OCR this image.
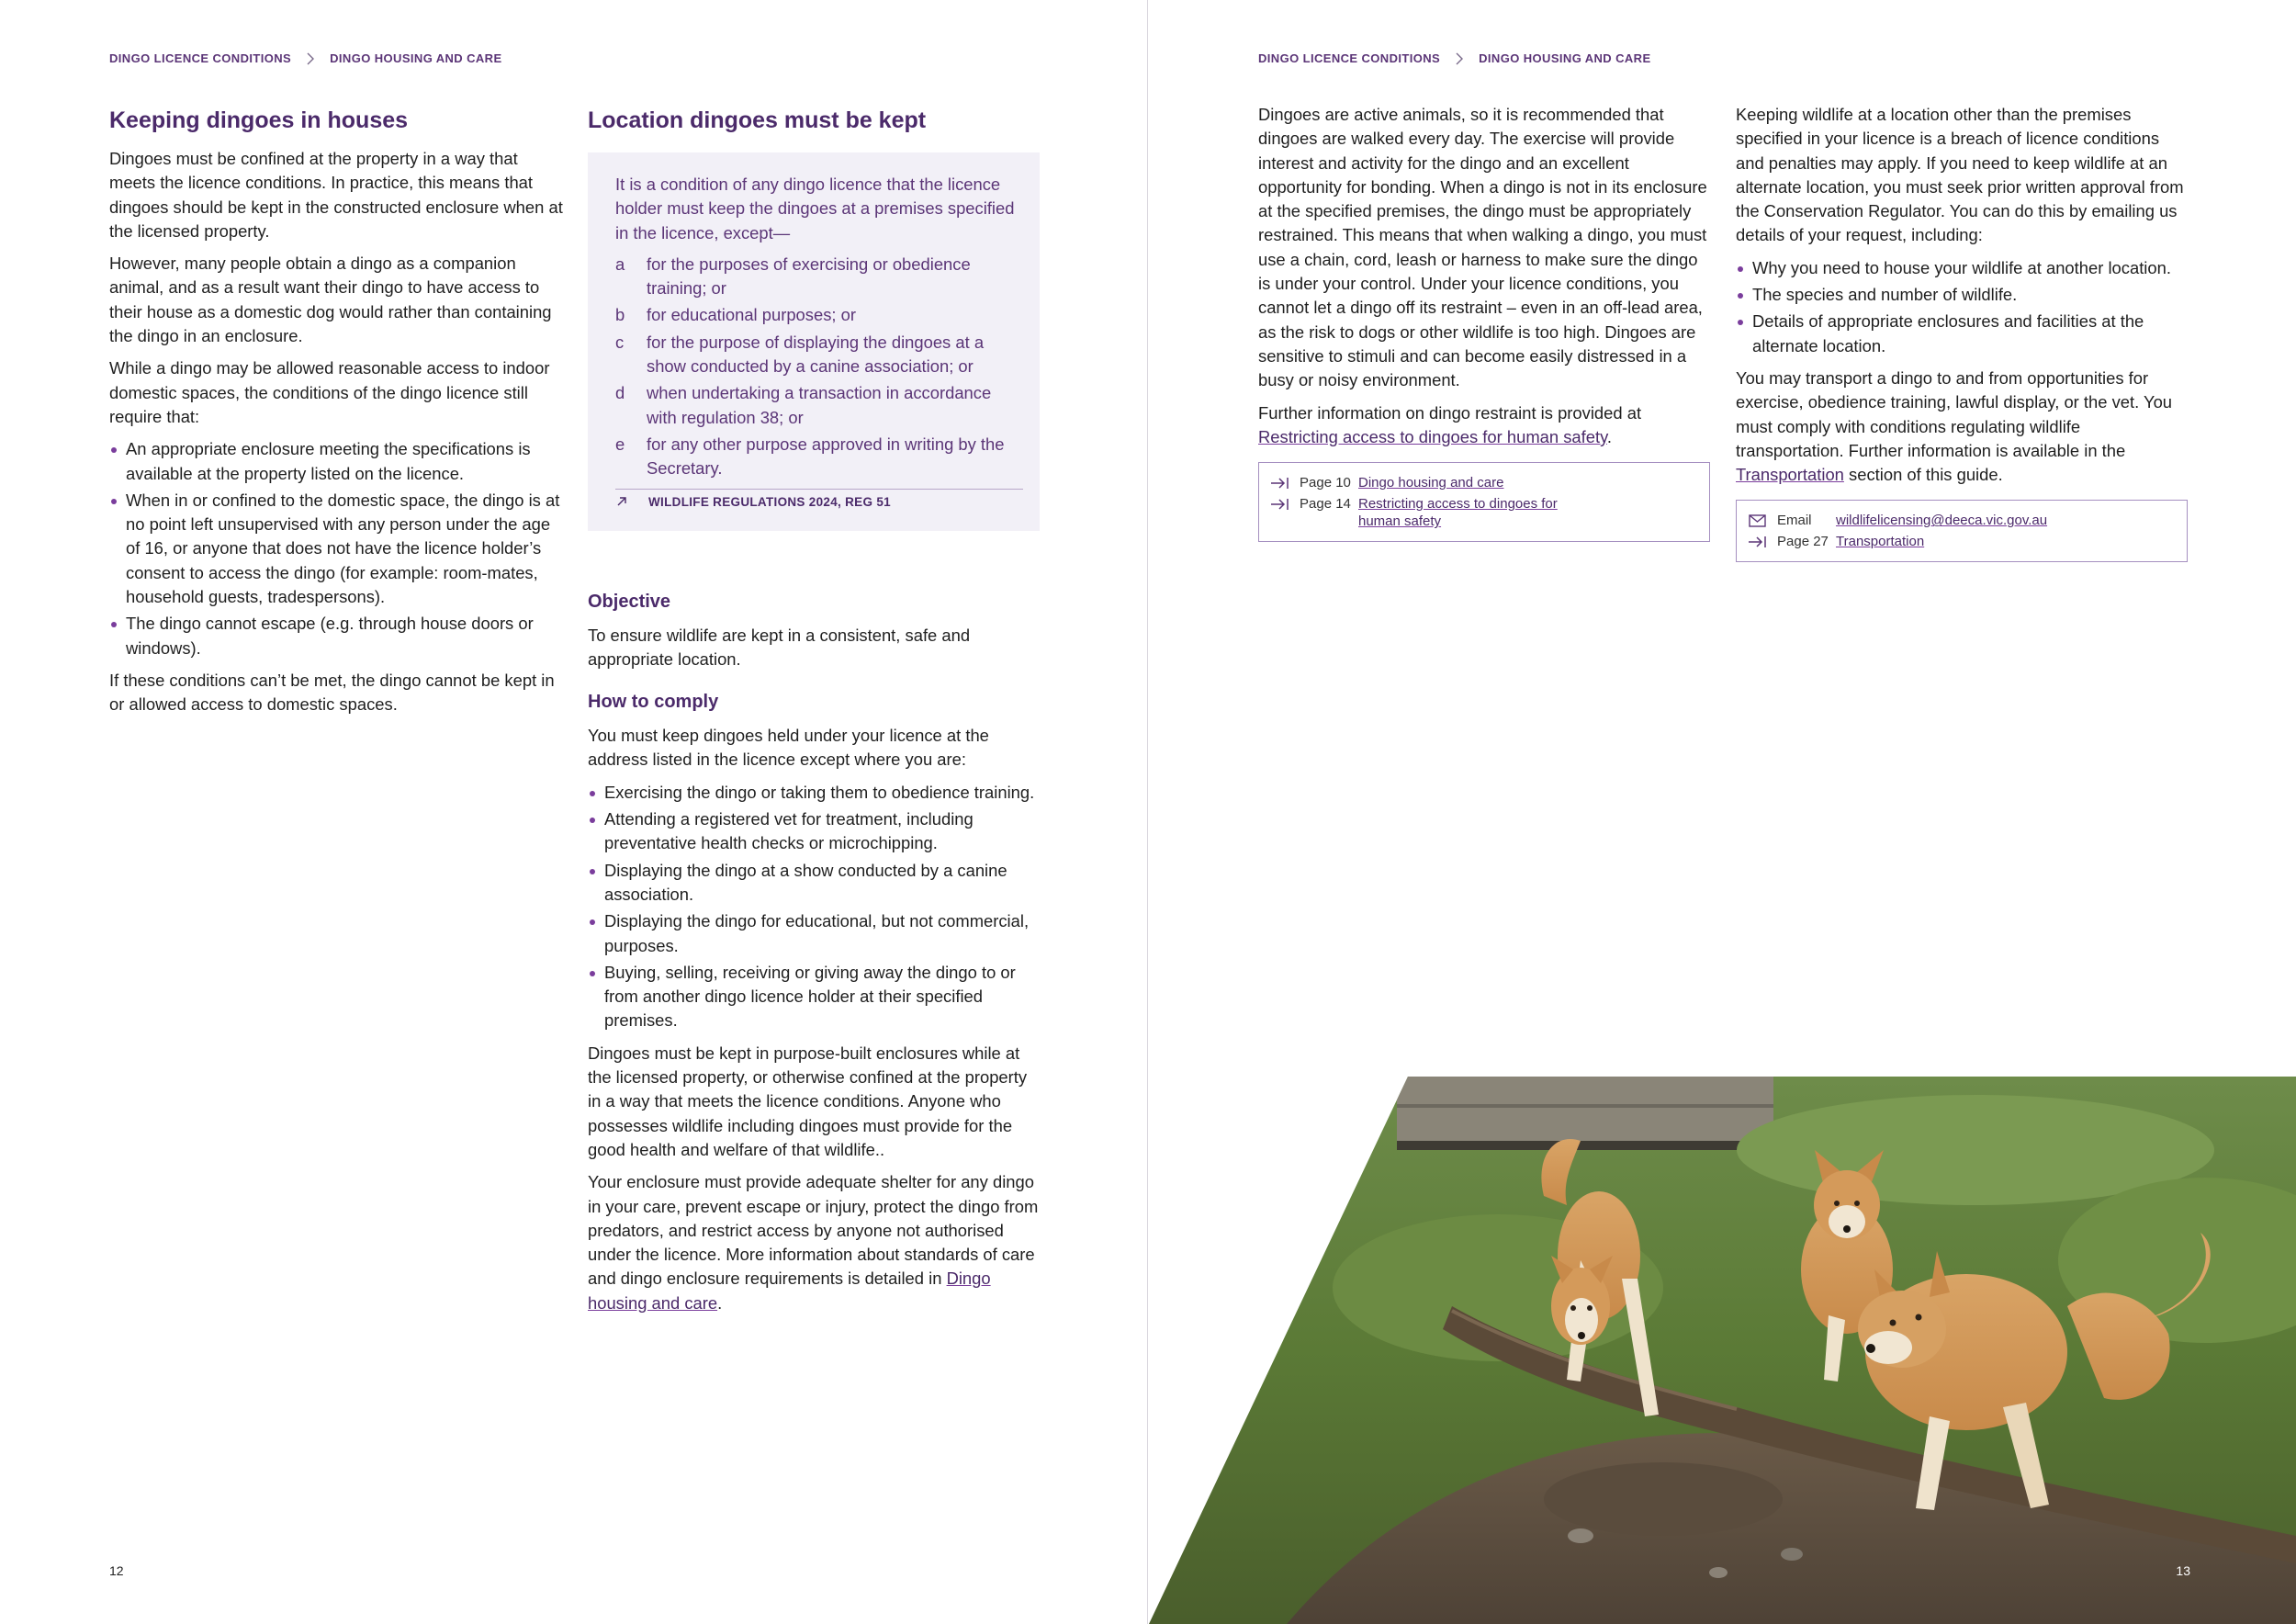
DINGO LICENCE CONDITIONS	DINGO HOUSING AND CARE
Keeping dingoes in houses

Dingoes must be confined at the property in a way that meets the licence conditions. In practice, this means that dingoes should be kept in the constructed enclosure when at the licensed property.

However, many people obtain a dingo as a companion animal, and as a result want their dingo to have access to their house as a domestic dog would rather than containing the dingo in an enclosure.

While a dingo may be allowed reasonable access to indoor domestic spaces, the conditions of the dingo licence still require that:

An appropriate enclosure meeting the specifications is available at the property listed on the licence.
When in or confined to the domestic space, the dingo is at no point left unsupervised with any person under the age of 16, or anyone that does not have the licence holder’s consent to access the dingo (for example: room-mates, household guests, tradespersons).
The dingo cannot escape (e.g. through house doors or windows).

If these conditions can’t be met, the dingo cannot be kept in or allowed access to domestic spaces.

Location dingoes must be kept

It is a condition of any dingo licence that the licence holder must keep the dingoes at a premises specified in the licence, except—

a	for the purposes of exercising or obedience training; or
b	for educational purposes; or
c	for the purpose of displaying the dingoes at a show conducted by a canine association; or
d	when undertaking a transaction in accordance with regulation 38; or
e	for any other purpose approved in writing by the Secretary.
WILDLIFE REGULATIONS 2024, REG 51
Objective

To ensure wildlife are kept in a consistent, safe and appropriate location.

How to comply

You must keep dingoes held under your licence at the address listed in the licence except where you are:

Exercising the dingo or taking them to obedience training.
Attending a registered vet for treatment, including preventative health checks or microchipping.
Displaying the dingo at a show conducted by a canine association.
Displaying the dingo for educational, but not commercial, purposes.
Buying, selling, receiving or giving away the dingo to or from another dingo licence holder at their specified premises.

Dingoes must be kept in purpose-built enclosures while at the licensed property, or otherwise confined at the property in a way that meets the licence conditions. Anyone who possesses wildlife including dingoes must provide for the good health and welfare of that wildlife..

Your enclosure must provide adequate shelter for any dingo in your care, prevent escape or injury, protect the dingo from predators, and restrict access by anyone not authorised under the licence. More information about standards of care and dingo enclosure requirements is detailed in Dingo housing and care.

12
DINGO LICENCE CONDITIONS	DINGO HOUSING AND CARE

Dingoes are active animals, so it is recommended that dingoes are walked every day. The exercise will provide interest and activity for the dingo and an excellent opportunity for bonding. When a dingo is not in its enclosure at the specified premises, the dingo must be appropriately restrained. This means that when walking a dingo, you must use a chain, cord, leash or harness to make sure the dingo is under your control. Under your licence conditions, you cannot let a dingo off its restraint – even in an off-lead area, as the risk to dogs or other wildlife is too high. Dingoes are sensitive to stimuli and can become easily distressed in a busy or noisy environment.

Further information on dingo restraint is provided at Restricting access to dingoes for human safety.

Page 10 Dingo housing and care
Page 14 Restricting access to dingoes for human safety

Keeping wildlife at a location other than the premises specified in your licence is a breach of licence conditions and penalties may apply. If you need to keep wildlife at an alternate location, you must seek prior written approval from the Conservation Regulator. You can do this by emailing us details of your request, including:

Why you need to house your wildlife at another location.
The species and number of wildlife.
Details of appropriate enclosures and facilities at the alternate location.

You may transport a dingo to and from opportunities for exercise, obedience training, lawful display, or the vet. You must comply with conditions regulating wildlife transportation. Further information is available in the Transportation section of this guide.

Email	wildlifelicensing@deeca.vic.gov.au
Page 27 Transportation
13
